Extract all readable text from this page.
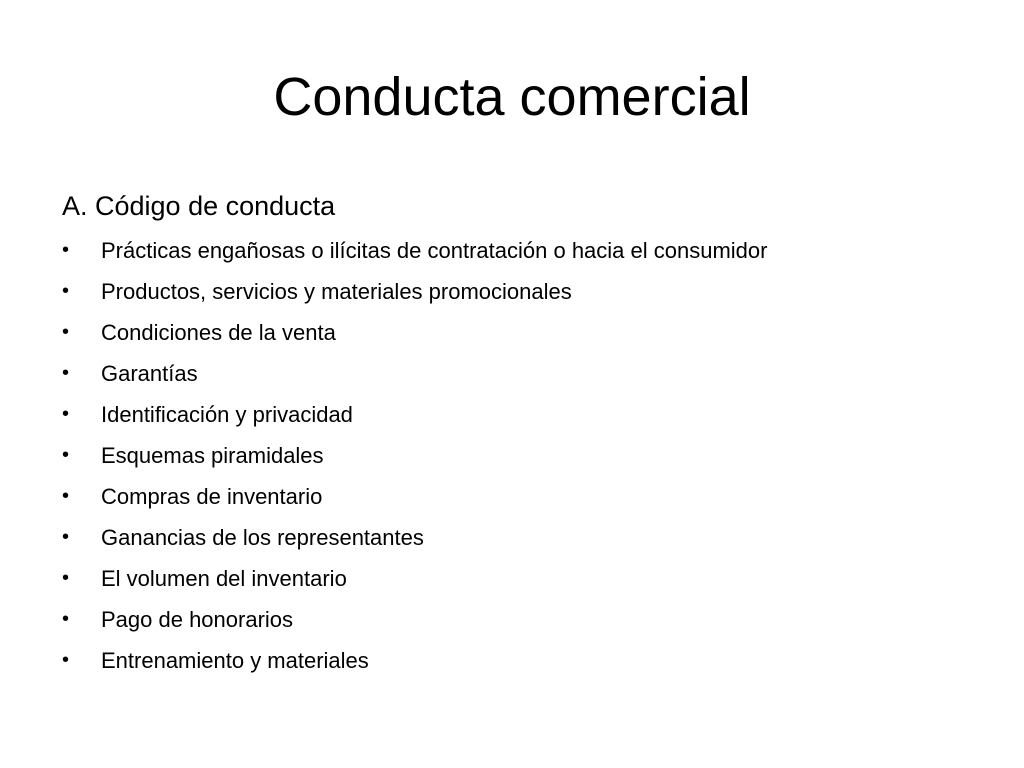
Conducta comercial
A. Código de conducta
• Prácticas engañosas o ilícitas de contratación o hacia el consumidor
• Productos, servicios y materiales promocionales
• Condiciones de la venta
• Garantías
• Identificación y privacidad
• Esquemas piramidales
• Compras de inventario
• Ganancias de los representantes
• El volumen del inventario
• Pago de honorarios
• Entrenamiento y materiales
